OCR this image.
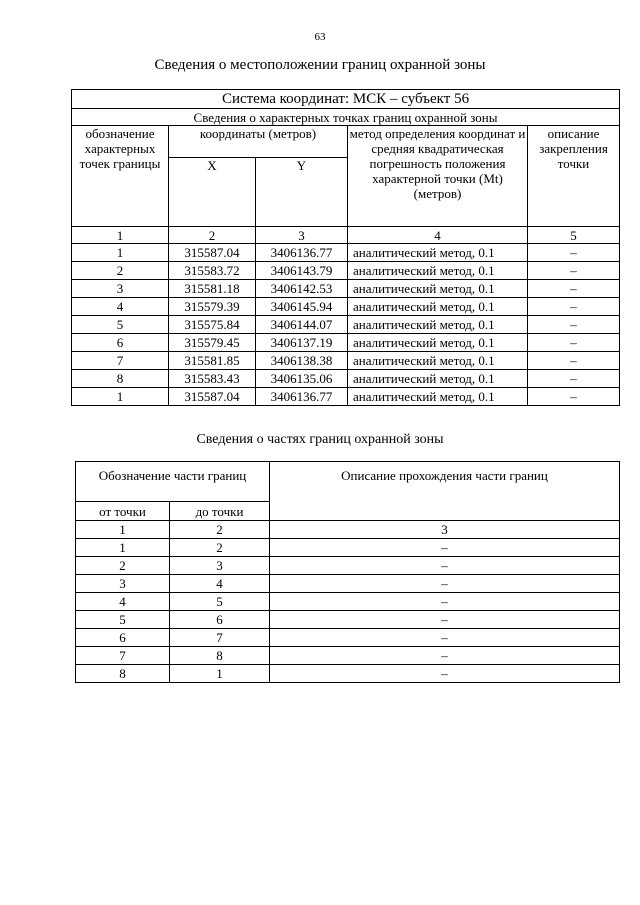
63
Сведения о местоположении границ охранной зоны
Система координат: МСК – субъект 56				
Сведения о характерных точках границ охранной зоны				
обозначение характерных точек границы	координаты (метров)		метод определения координат и средняя квадратическая погрешность положения характерной точки (Mt) (метров)	описание закрепления точки
	X	Y		
1	2	3	4	5
1	315587.04	3406136.77	аналитический метод, 0.1	–
2	315583.72	3406143.79	аналитический метод, 0.1	–
3	315581.18	3406142.53	аналитический метод, 0.1	–
4	315579.39	3406145.94	аналитический метод, 0.1	–
5	315575.84	3406144.07	аналитический метод, 0.1	–
6	315579.45	3406137.19	аналитический метод, 0.1	–
7	315581.85	3406138.38	аналитический метод, 0.1	–
8	315583.43	3406135.06	аналитический метод, 0.1	–
1	315587.04	3406136.77	аналитический метод, 0.1	–
Сведения о частях границ охранной зоны
Обозначение части границ		Описание прохождения части границ
от точки	до точки	
1	2	3
1	2	–
2	3	–
3	4	–
4	5	–
5	6	–
6	7	–
7	8	–
8	1	–
